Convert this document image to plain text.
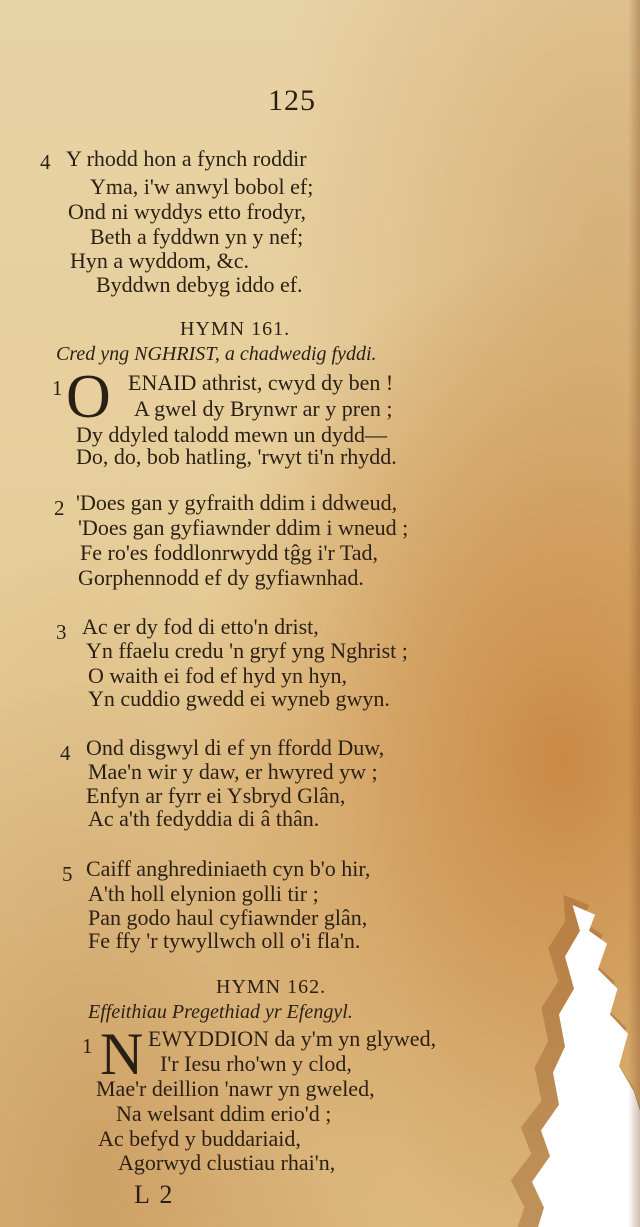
125
4 Y rhodd hon a fynch roddir
Yma, i'w anwyl bobol ef;
Ond ni wyddys etto frodyr,
Beth a fyddwn yn y nef;
Hyn a wyddom, &c.
Byddwn debyg iddo ef.
HYMN 161.
Cred yng NGHRIST, a chadwedig fyddi.
1 O ENAID athrist, cwyd dy ben !
A gwel dy Brynwr ar y pren ;
Dy ddyled talodd mewn un dydd—
Do, do, bob hatling, 'rwyt ti'n rhydd.
2 'Does gan y gyfraith ddim i ddweud,
'Does gan gyfiawnder ddim i wneud ;
Fe ro'es foddlonrwydd tĝg i'r Tad,
Gorphennodd ef dy gyfiawnhad.
3 Ac er dy fod di etto'n drist,
Yn ffaelu credu 'n gryf yng Nghrist ;
O waith ei fod ef hyd yn hyn,
Yn cuddio gwedd ei wyneb gwyn.
4 Ond disgwyl di ef yn ffordd Duw,
Mae'n wir y daw, er hwyred yw ;
Enfyn ar fyrr ei Ysbryd Glân,
Ac a'th fedyddia di â thân.
5 Caiff anghrediniaeth cyn b'o hir,
A'th holl elynion golli tir ;
Pan godo haul cyfiawnder glân,
Fe ffy 'r tywyllwch oll o'i fla'n.
HYMN 162.
Effeithiau Pregethiad yr Efengyl.
1 N EWYDDION da y'm yn glywed,
I'r Iesu rho'wn y clod,
Mae'r deillion 'nawr yn gweled,
Na welsant ddim erio'd ;
Ac befyd y buddariaid,
Agorwyd clustiau rhai'n,
L 2
